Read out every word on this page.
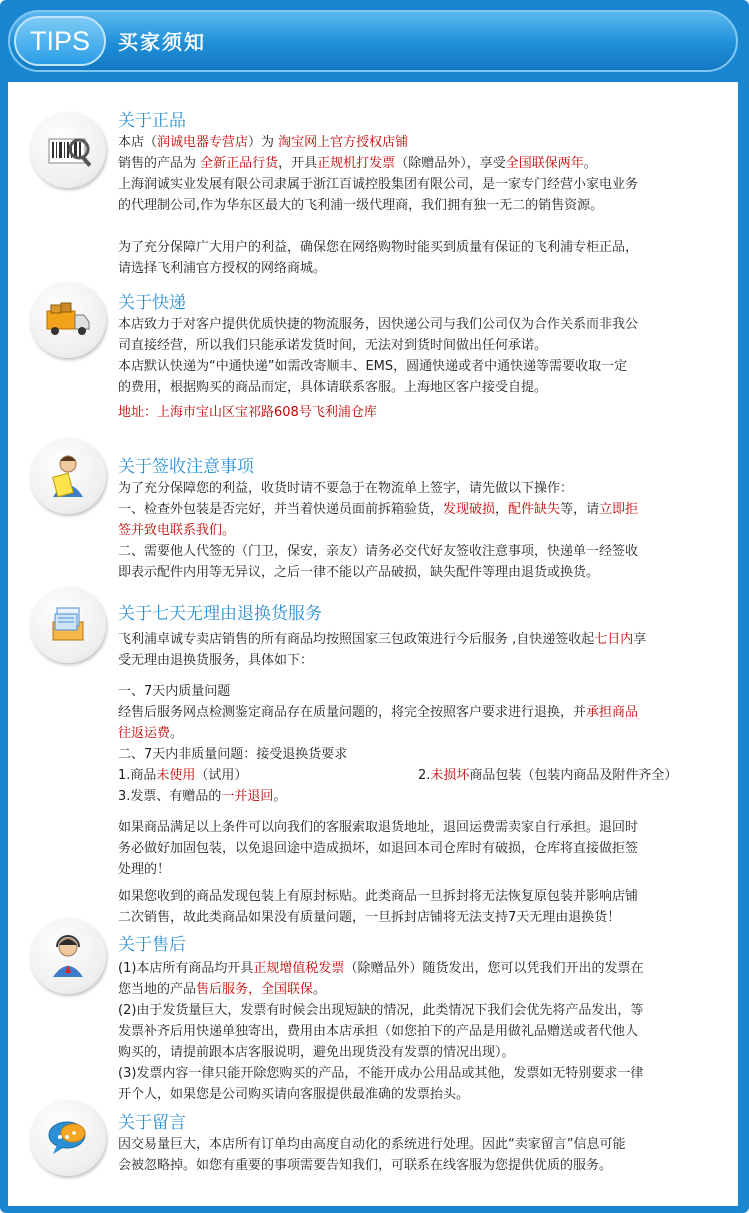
TIPS	买家须知
关于正品
本店（润诚电器专营店）为 淘宝网上官方授权店铺
销售的产品为 全新正品行货，开具正规机打发票（除赠品外），享受全国联保两年。
上海润诚实业发展有限公司隶属于浙江百诚控股集团有限公司，是一家专门经营小家电业务
的代理制公司,作为华东区最大的飞利浦一级代理商，我们拥有独一无二的销售资源。
为了充分保障广大用户的利益，确保您在网络购物时能买到质量有保证的飞利浦专柜正品，
请选择飞利浦官方授权的网络商城。
关于快递
本店致力于对客户提供优质快捷的物流服务，因快递公司与我们公司仅为合作关系而非我公
司直接经营，所以我们只能承诺发货时间，无法对到货时间做出任何承诺。
本店默认快递为“中通快递”如需改寄顺丰、EMS，圆通快递或者中通快递等需要收取一定
的费用，根据购买的商品而定，具体请联系客服。上海地区客户接受自提。
地址：上海市宝山区宝祁路608号飞利浦仓库
关于签收注意事项
为了充分保障您的利益，收货时请不要急于在物流单上签字，请先做以下操作：
一、检查外包装是否完好，并当着快递员面前拆箱验货，发现破损，配件缺失等，请立即拒
签并致电联系我们。
二、需要他人代签的（门卫，保安，亲友）请务必交代好友签收注意事项，快递单一经签收
即表示配件内用等无异议，之后一律不能以产品破损，缺失配件等理由退货或换货。
关于七天无理由退换货服务
飞利浦卓诚专卖店销售的所有商品均按照国家三包政策进行今后服务 ,自快递签收起七日内享
受无理由退换货服务，具体如下：
一、7天内质量问题
经售后服务网点检测鉴定商品存在质量问题的，将完全按照客户要求进行退换，并承担商品
往返运费。
二、7天内非质量问题：接受退换货要求
1.商品未使用（试用）	2.未损坏商品包装（包装内商品及附件齐全）
3.发票、有赠品的一并退回。
如果商品满足以上条件可以向我们的客服索取退货地址，退回运费需卖家自行承担。退回时
务必做好加固包装，以免退回途中造成损坏，如退回本司仓库时有破损，仓库将直接做拒签
处理的！
如果您收到的商品发现包装上有原封标贴。此类商品一旦拆封将无法恢复原包装并影响店铺
二次销售，故此类商品如果没有质量问题，一旦拆封店铺将无法支持7天无理由退换货！
关于售后
(1)本店所有商品均开具正规增值税发票（除赠品外）随货发出，您可以凭我们开出的发票在
您当地的产品售后服务，全国联保。
(2)由于发货量巨大，发票有时候会出现短缺的情况，此类情况下我们会优先将产品发出，等
发票补齐后用快递单独寄出，费用由本店承担（如您拍下的产品是用做礼品赠送或者代他人
购买的，请提前跟本店客服说明，避免出现货没有发票的情况出现）。
(3)发票内容一律只能开除您购买的产品，不能开成办公用品或其他，发票如无特别要求一律
开个人，如果您是公司购买请向客服提供最准确的发票抬头。
关于留言
因交易量巨大，本店所有订单均由高度自动化的系统进行处理。因此“卖家留言”信息可能
会被忽略掉。如您有重要的事项需要告知我们，可联系在线客服为您提供优质的服务。
